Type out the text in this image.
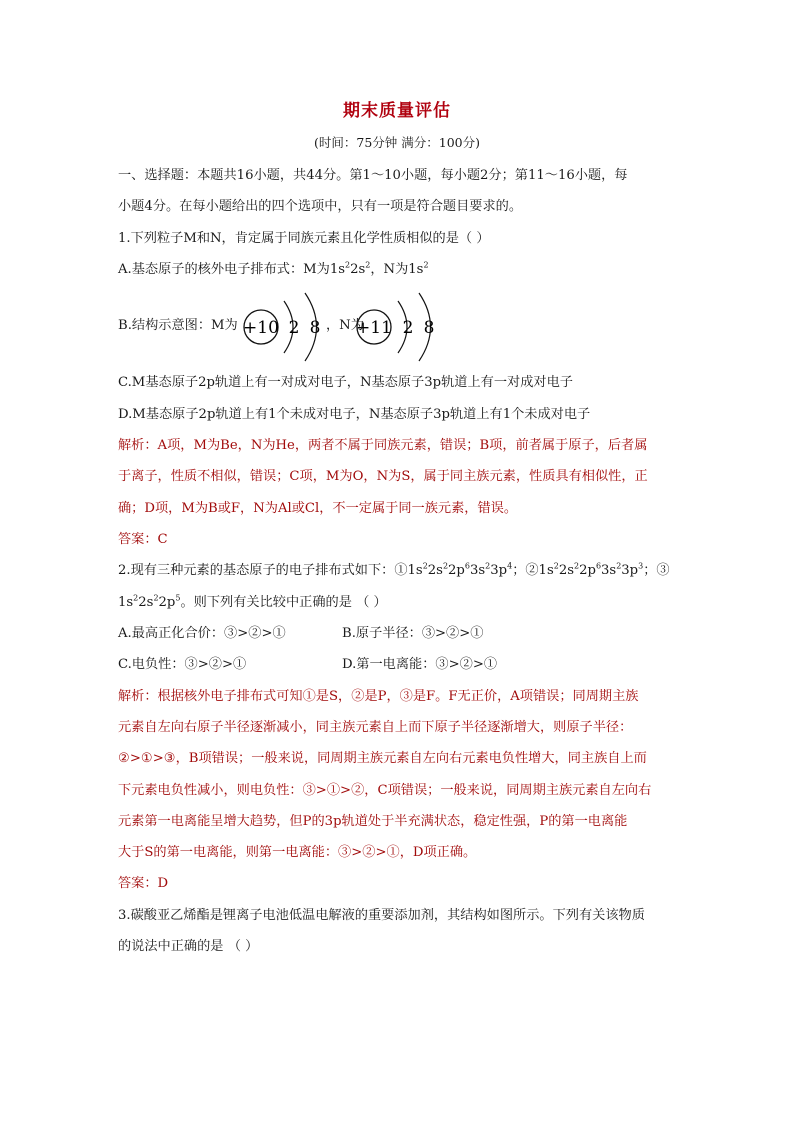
期末质量评估
(时间：75分钟 满分：100分)
一、选择题：本题共16小题，共44分。第1～10小题，每小题2分；第11～16小题，每
小题4分。在每小题给出的四个选项中，只有一项是符合题目要求的。
1.下列粒子M和N，肯定属于同族元素且化学性质相似的是（ ）
A.基态原子的核外电子排布式：M为$1s^22s^2$，N为$1s^2$
B.结构示意图：M为 +10 2 8 +11 2 8
，N为
C.M基态原子2p轨道上有一对成对电子，N基态原子3p轨道上有一对成对电子
D.M基态原子2p轨道上有1个未成对电子，N基态原子3p轨道上有1个未成对电子
解析：A项，M为Be，N为He，两者不属于同族元素，错误；B项，前者属于原子，后者属
于离子，性质不相似，错误；C项，M为O，N为S，属于同主族元素，性质具有相似性，正
确；D项，M为B或F，N为Al或Cl，不一定属于同一族元素，错误。
答案：C
2.现有三种元素的基态原子的电子排布式如下：$①1s^22s^22p^63s^23p^4$；$②1s^22s^22p^63s^23p^3$；③
$1s^22s^22p^5$。则下列有关比较中正确的是 （ ）
A.最高正化合价：③>②>①	B.原子半径：③>②>①
C.电负性：③>②>①	D.第一电离能：③>②>①
解析：根据核外电子排布式可知①是S，②是P，③是F。F无正价，A项错误；同周期主族
元素自左向右原子半径逐渐减小，同主族元素自上而下原子半径逐渐增大，则原子半径：
②>①>③，B项错误；一般来说，同周期主族元素自左向右元素电负性增大，同主族自上而
下元素电负性减小，则电负性：③>①>②，C项错误；一般来说，同周期主族元素自左向右
元素第一电离能呈增大趋势，但P的3p轨道处于半充满状态，稳定性强，P的第一电离能
大于S的第一电离能，则第一电离能：③>②>①，D项正确。
答案：D
3.碳酸亚乙烯酯是锂离子电池低温电解液的重要添加剂，其结构如图所示。下列有关该物质
的说法中正确的是 （ ）
